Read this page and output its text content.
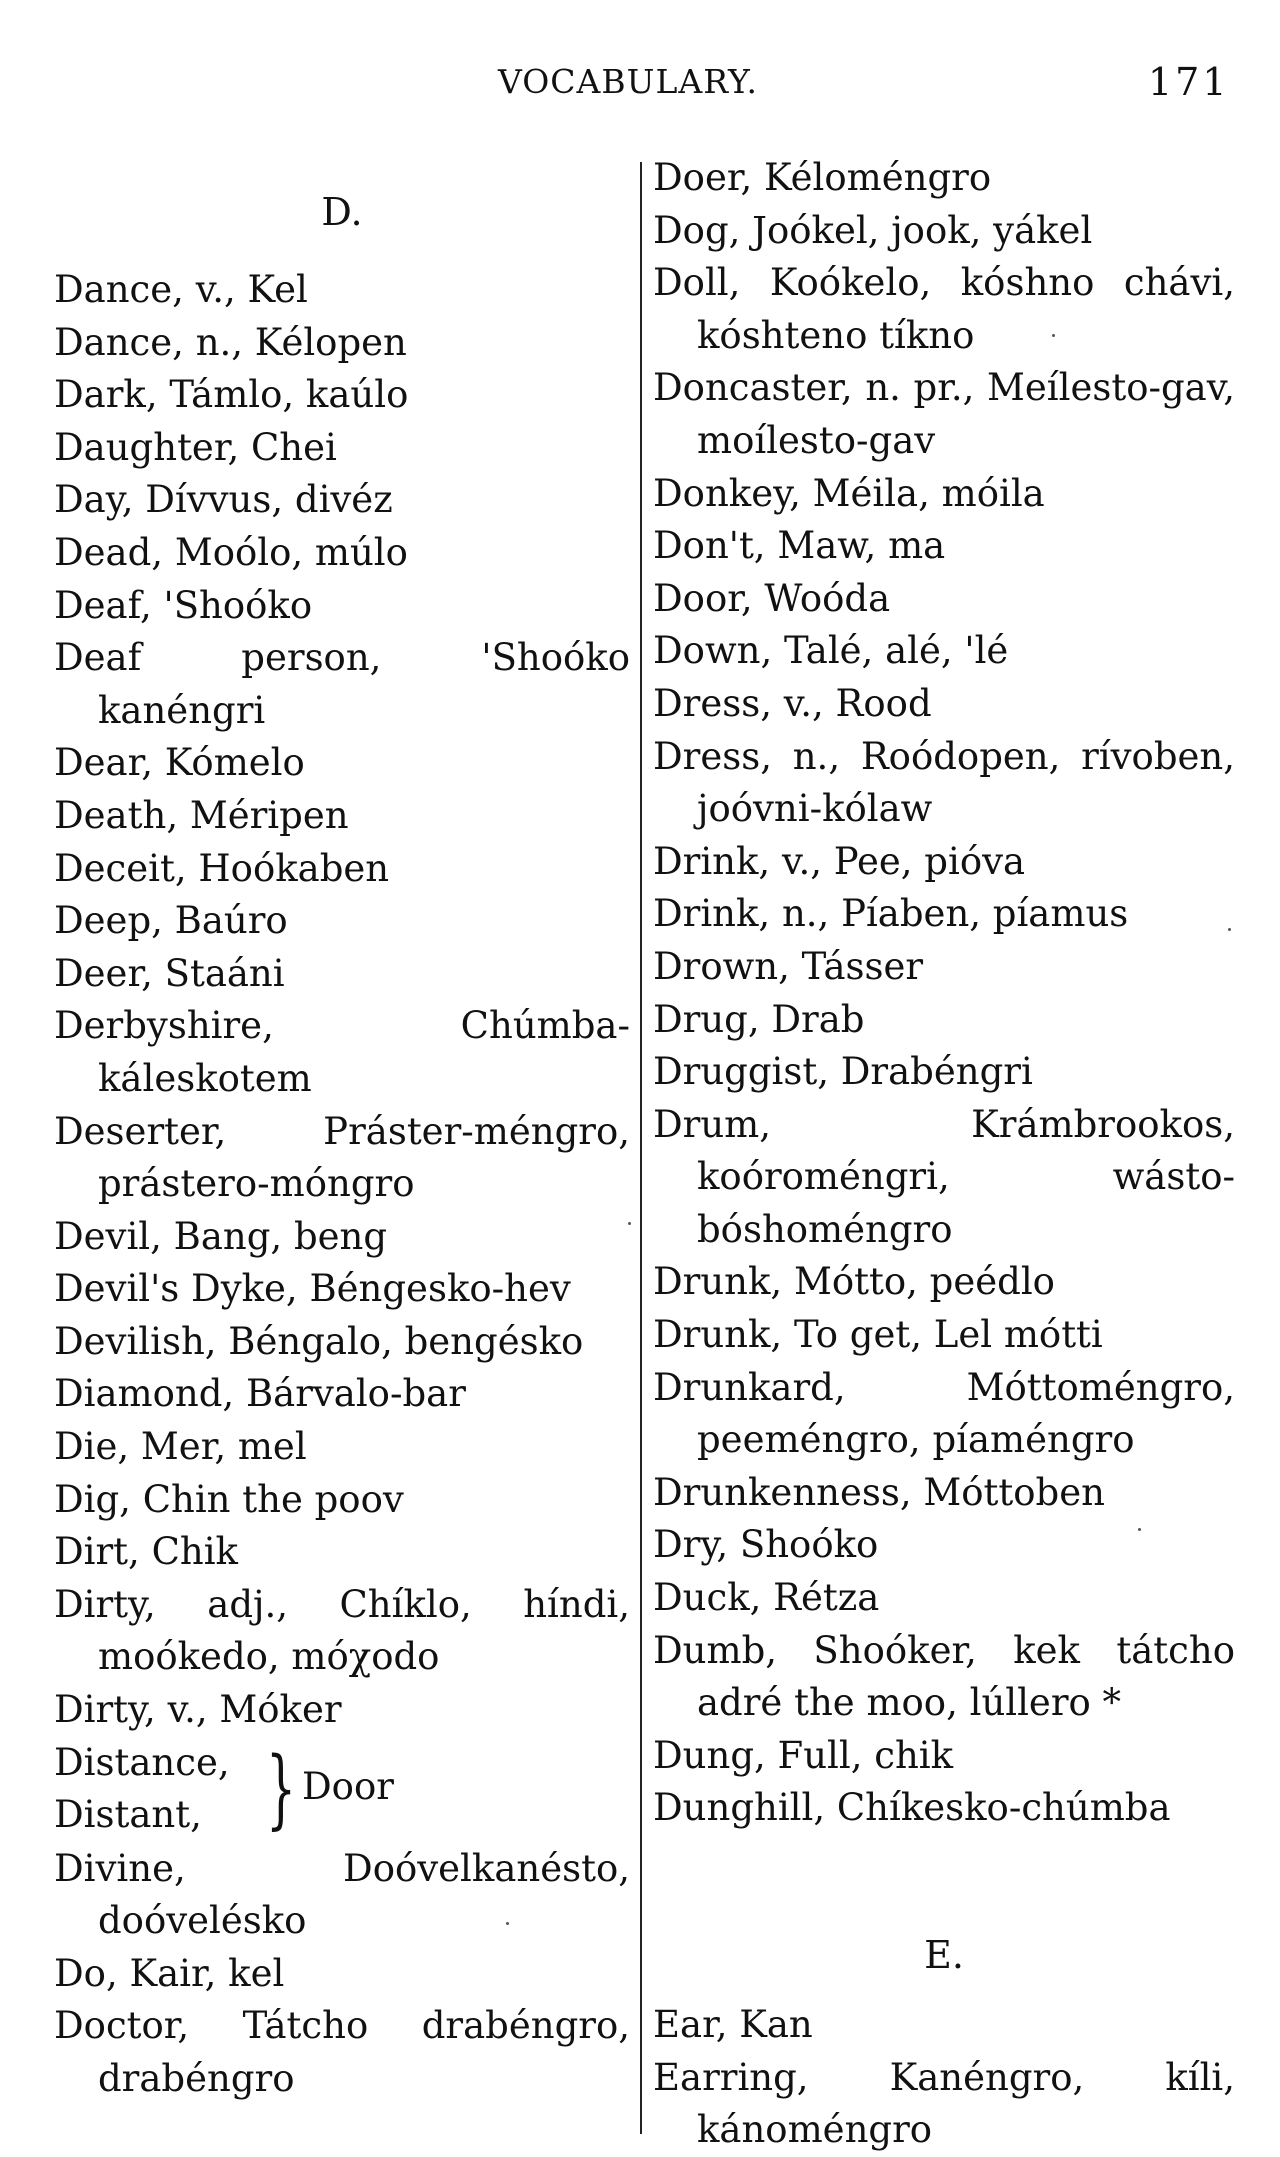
VOCABULARY.	171
D.
Dance, v., Kel
Dance, n., Kélopen
Dark, Támlo, kaúlo
Daughter, Chei
Day, Dívvus, divéz
Dead, Moólo, múlo
Deaf, 'Shoóko
Deaf person, 'Shoóko kanéngri
Dear, Kómelo
Death, Méripen
Deceit, Hoókaben
Deep, Baúro
Deer, Staáni
Derbyshire, Chúmba-káleskotem
Deserter, Práster-méngro, prástero-móngro
Devil, Bang, beng
Devil's Dyke, Béngesko-hev
Devilish, Béngalo, bengésko
Diamond, Bárvalo-bar
Die, Mer, mel
Dig, Chin the poov
Dirt, Chik
Dirty, adj., Chíklo, híndi, moókedo, móχodo
Dirty, v., Móker
Distance,
Distant, } Door
Divine, Doóvelkanésto, doóvelésko
Do, Kair, kel
Doctor, Tátcho drabéngro, drabéngro
Doer, Kéloméngro
Dog, Joókel, jook, yákel
Doll, Koókelo, kóshno chávi, kóshteno tíkno
Doncaster, n. pr., Meílesto-gav, moílesto-gav
Donkey, Méila, móila
Don't, Maw, ma
Door, Woóda
Down, Talé, alé, 'lé
Dress, v., Rood
Dress, n., Roódopen, rívoben, joóvni-kólaw
Drink, v., Pee, pióva
Drink, n., Píaben, píamus
Drown, Tásser
Drug, Drab
Druggist, Drabéngri
Drum, Krámbrookos, koóroméngri, wásto-bóshoméngro
Drunk, Mótto, peédlo
Drunk, To get, Lel mótti
Drunkard, Móttoméngro, peeméngro, píaméngro
Drunkenness, Móttoben
Dry, Shoóko
Duck, Rétza
Dumb, Shoóker, kek tátcho adré the moo, lúllero *
Dung, Full, chik
Dunghill, Chíkesko-chúmba
E.
Ear, Kan
Earring, Kanéngro, kíli, kánoméngro
